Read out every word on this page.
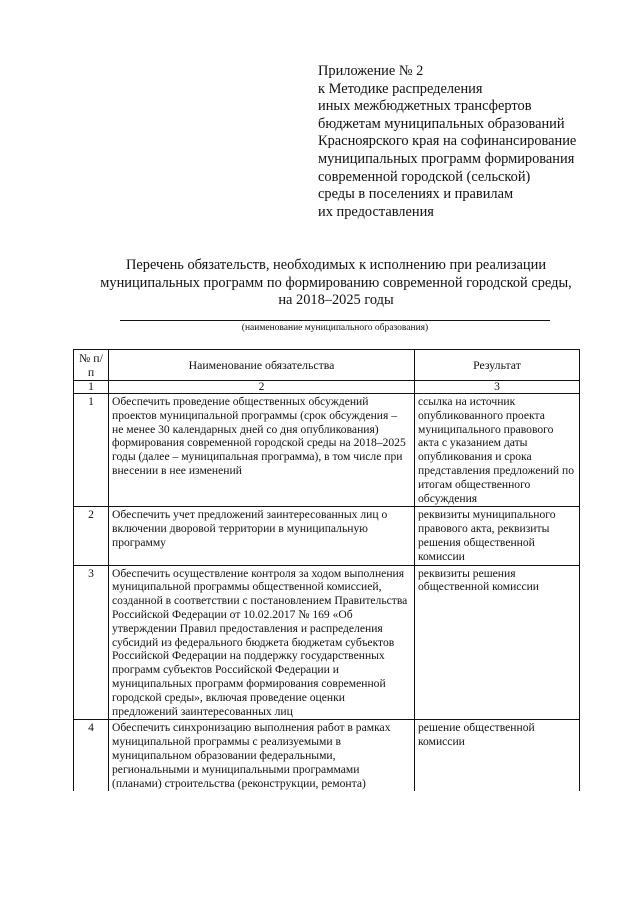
Приложение № 2
к Методике распределения
иных межбюджетных трансфертов
бюджетам муниципальных образований
Красноярского края на софинансирование
муниципальных программ формирования
современной городской (сельской)
среды в поселениях и правилам
их предоставления
Перечень обязательств, необходимых к исполнению при реализации
муниципальных программ по формированию современной городской среды,
на 2018–2025 годы
(наименование муниципального образования)
№ п/п	Наименование обязательства	Результат
1	2	3
1	Обеспечить проведение общественных обсуждений проектов муниципальной программы (срок обсуждения – не менее 30 календарных дней со дня опубликования) формирования современной городской среды на 2018–2025 годы (далее – муниципальная программа), в том числе при внесении в нее изменений	ссылка на источник опубликованного проекта муниципального правового акта с указанием даты опубликования и срока представления предложений по итогам общественного обсуждения
2	Обеспечить учет предложений заинтересованных лиц о включении дворовой территории в муниципальную программу	реквизиты муниципального правового акта, реквизиты решения общественной комиссии
3	Обеспечить осуществление контроля за ходом выполнения муниципальной программы общественной комиссией, созданной в соответствии с постановлением Правительства Российской Федерации от 10.02.2017 № 169 «Об утверждении Правил предоставления и распределения субсидий из федерального бюджета бюджетам субъектов Российской Федерации на поддержку государственных программ субъектов Российской Федерации и муниципальных программ формирования современной городской среды», включая проведение оценки предложений заинтересованных лиц	реквизиты решения общественной комиссии
4	Обеспечить синхронизацию выполнения работ в рамках муниципальной программы с реализуемыми в муниципальном образовании федеральными, региональными и муниципальными программами (планами) строительства (реконструкции, ремонта)	решение общественной комиссии
